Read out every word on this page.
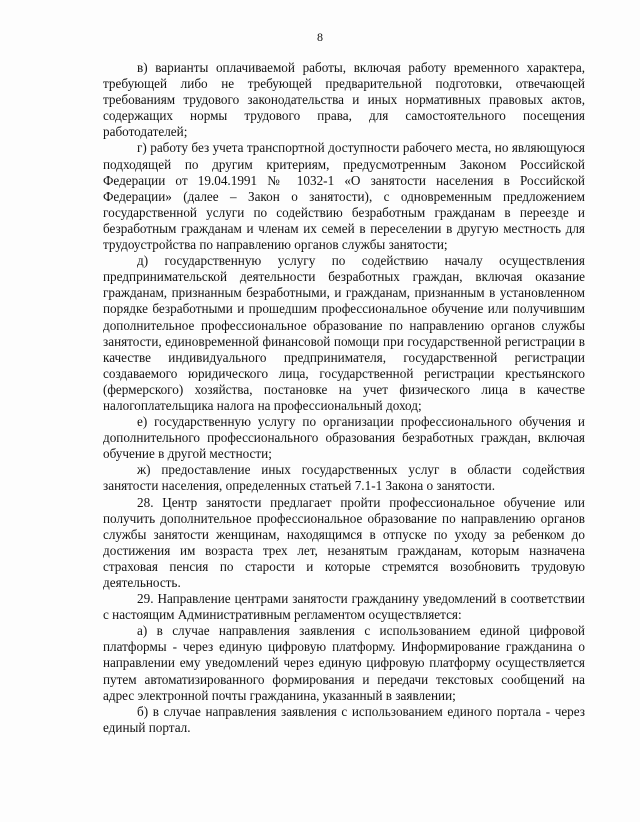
8

в) варианты оплачиваемой работы, включая работу временного характера, требующей либо не требующей предварительной подготовки, отвечающей требованиям трудового законодательства и иных нормативных правовых актов, содержащих нормы трудового права, для самостоятельного посещения работодателей;

г) работу без учета транспортной доступности рабочего места, но являющуюся подходящей по другим критериям, предусмотренным Законом Российской Федерации от 19.04.1991 № 1032-1 «О занятости населения в Российской Федерации» (далее – Закон о занятости), с одновременным предложением государственной услуги по содействию безработным гражданам в переезде и безработным гражданам и членам их семей в переселении в другую местность для трудоустройства по направлению органов службы занятости;

д) государственную услугу по содействию началу осуществления предпринимательской деятельности безработных граждан, включая оказание гражданам, признанным безработными, и гражданам, признанным в установленном порядке безработными и прошедшим профессиональное обучение или получившим дополнительное профессиональное образование по направлению органов службы занятости, единовременной финансовой помощи при государственной регистрации в качестве индивидуального предпринимателя, государственной регистрации создаваемого юридического лица, государственной регистрации крестьянского (фермерского) хозяйства, постановке на учет физического лица в качестве налогоплательщика налога на профессиональный доход;

е) государственную услугу по организации профессионального обучения и дополнительного профессионального образования безработных граждан, включая обучение в другой местности;

ж) предоставление иных государственных услуг в области содействия занятости населения, определенных статьей 7.1-1 Закона о занятости.

28. Центр занятости предлагает пройти профессиональное обучение или получить дополнительное профессиональное образование по направлению органов службы занятости женщинам, находящимся в отпуске по уходу за ребенком до достижения им возраста трех лет, незанятым гражданам, которым назначена страховая пенсия по старости и которые стремятся возобновить трудовую деятельность.

29. Направление центрами занятости гражданину уведомлений в соответствии с настоящим Административным регламентом осуществляется:

а) в случае направления заявления с использованием единой цифровой платформы - через единую цифровую платформу. Информирование гражданина о направлении ему уведомлений через единую цифровую платформу осуществляется путем автоматизированного формирования и передачи текстовых сообщений на адрес электронной почты гражданина, указанный в заявлении;

б) в случае направления заявления с использованием единого портала - через единый портал.
